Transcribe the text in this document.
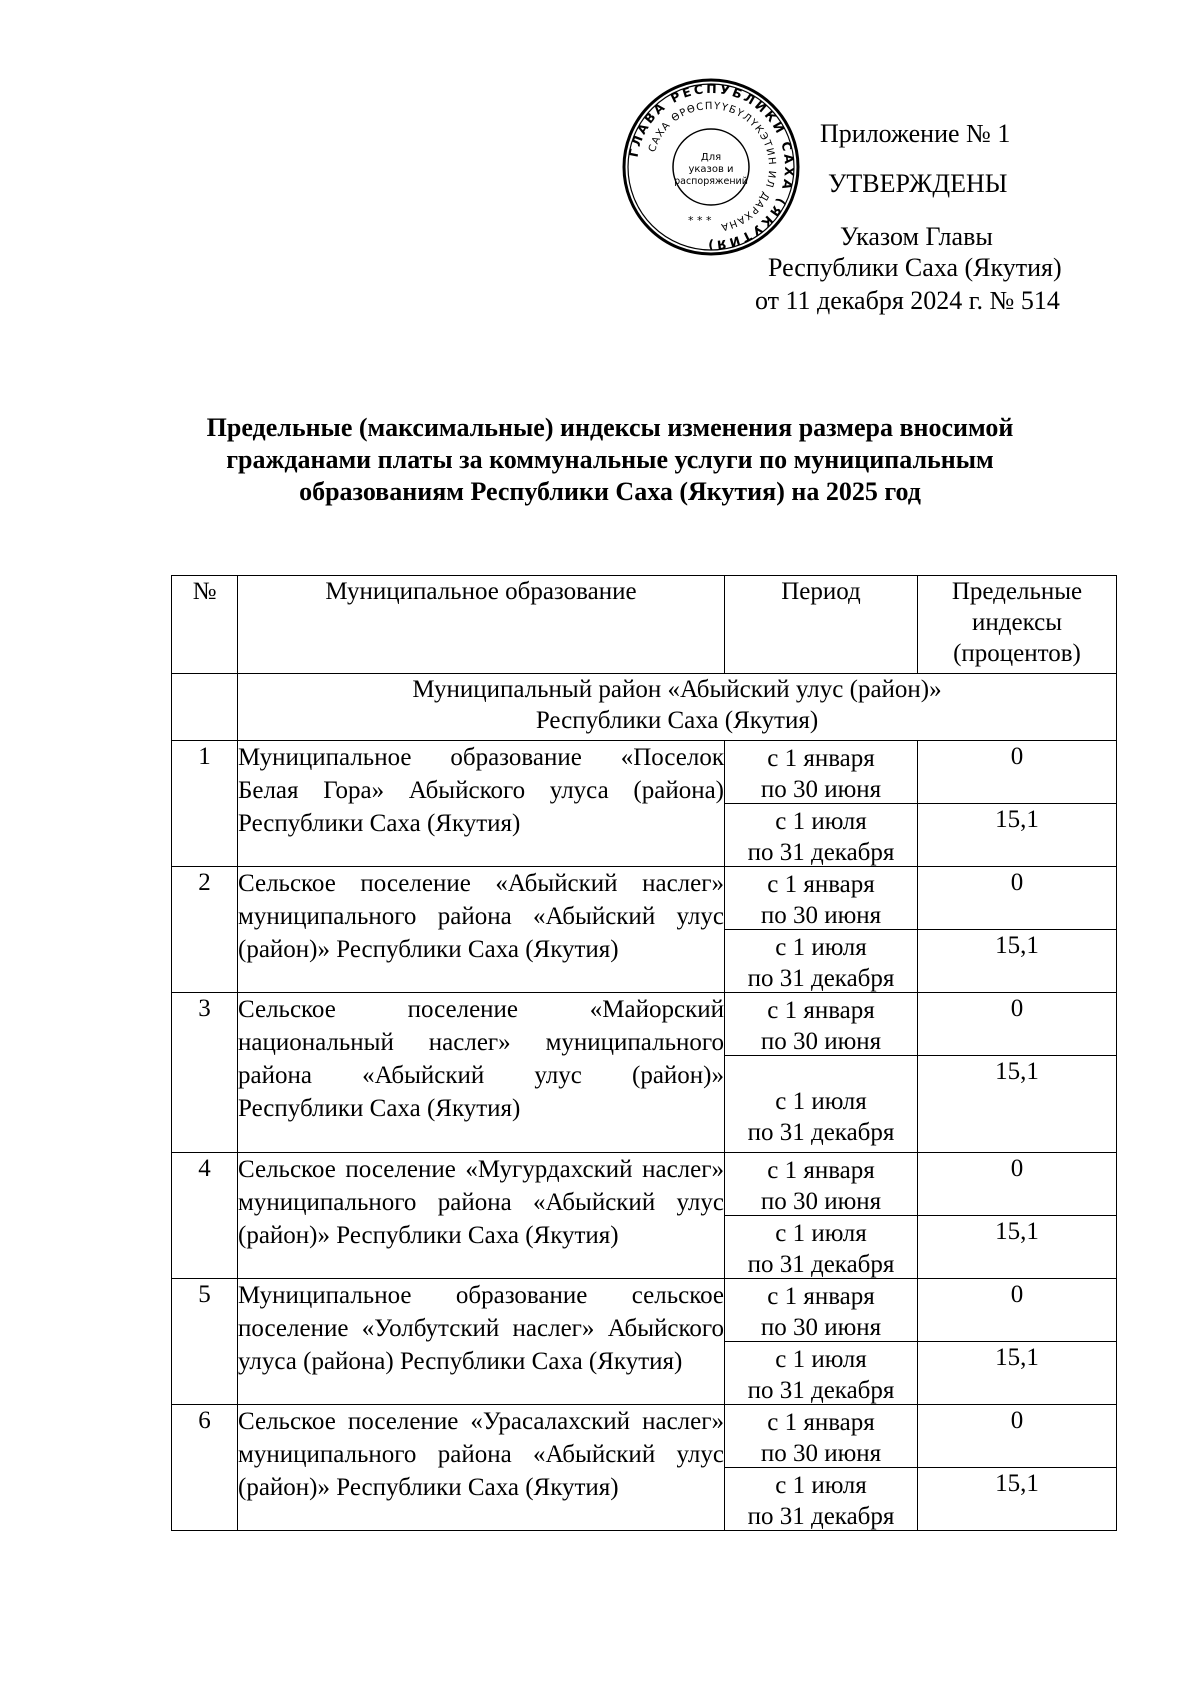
ГЛАВА РЕСПУБЛИКИ САХА (ЯКУТИЯ)
САХА ӨРӨСПҮҮБҮЛҮКЭТИН ИЛ ДАРХАНА
Для
указов и
распоряжений
* * *
Приложение № 1
УТВЕРЖДЕНЫ
Указом Главы
Республики Саха (Якутия)
от 11 декабря 2024 г. № 514
Предельные (максимальные) индексы изменения размера вносимой
гражданами платы за коммунальные услуги по муниципальным
образованиям Республики Саха (Якутия) на 2025 год
№	Муниципальное образование	Период	Предельные
индексы
(процентов)

	Муниципальный район «Абыйский улус (район)»
Республики Саха (Якутия)		

1	Муниципальное образование «Поселок Белая Гора» Абыйского улуса (района) Республики Саха (Якутия)	с 1 января
по 30 июня	0

		с 1 июля
по 31 декабря	15,1
2	Сельское поселение «Абыйский наслег» муниципального района «Абыйский улус (район)» Республики Саха (Якутия)	с 1 января
по 30 июня	0

		с 1 июля
по 31 декабря	15,1
3	Сельское поселение «Майорский национальный наслег» муниципального района «Абыйский улус (район)» Республики Саха (Якутия)	с 1 января
по 30 июня	0

		с 1 июля
по 31 декабря	15,1
4	Сельское поселение «Мугурдахский наслег» муниципального района «Абыйский улус (район)» Республики Саха (Якутия)	с 1 января
по 30 июня	0

		с 1 июля
по 31 декабря	15,1
5	Муниципальное образование сельское поселение «Уолбутский наслег» Абыйского улуса (района) Республики Саха (Якутия)	с 1 января
по 30 июня	0

		с 1 июля
по 31 декабря	15,1
6	Сельское поселение «Урасалахский наслег» муниципального района «Абыйский улус (район)» Республики Саха (Якутия)	с 1 января
по 30 июня	0

		с 1 июля
по 31 декабря	15,1
